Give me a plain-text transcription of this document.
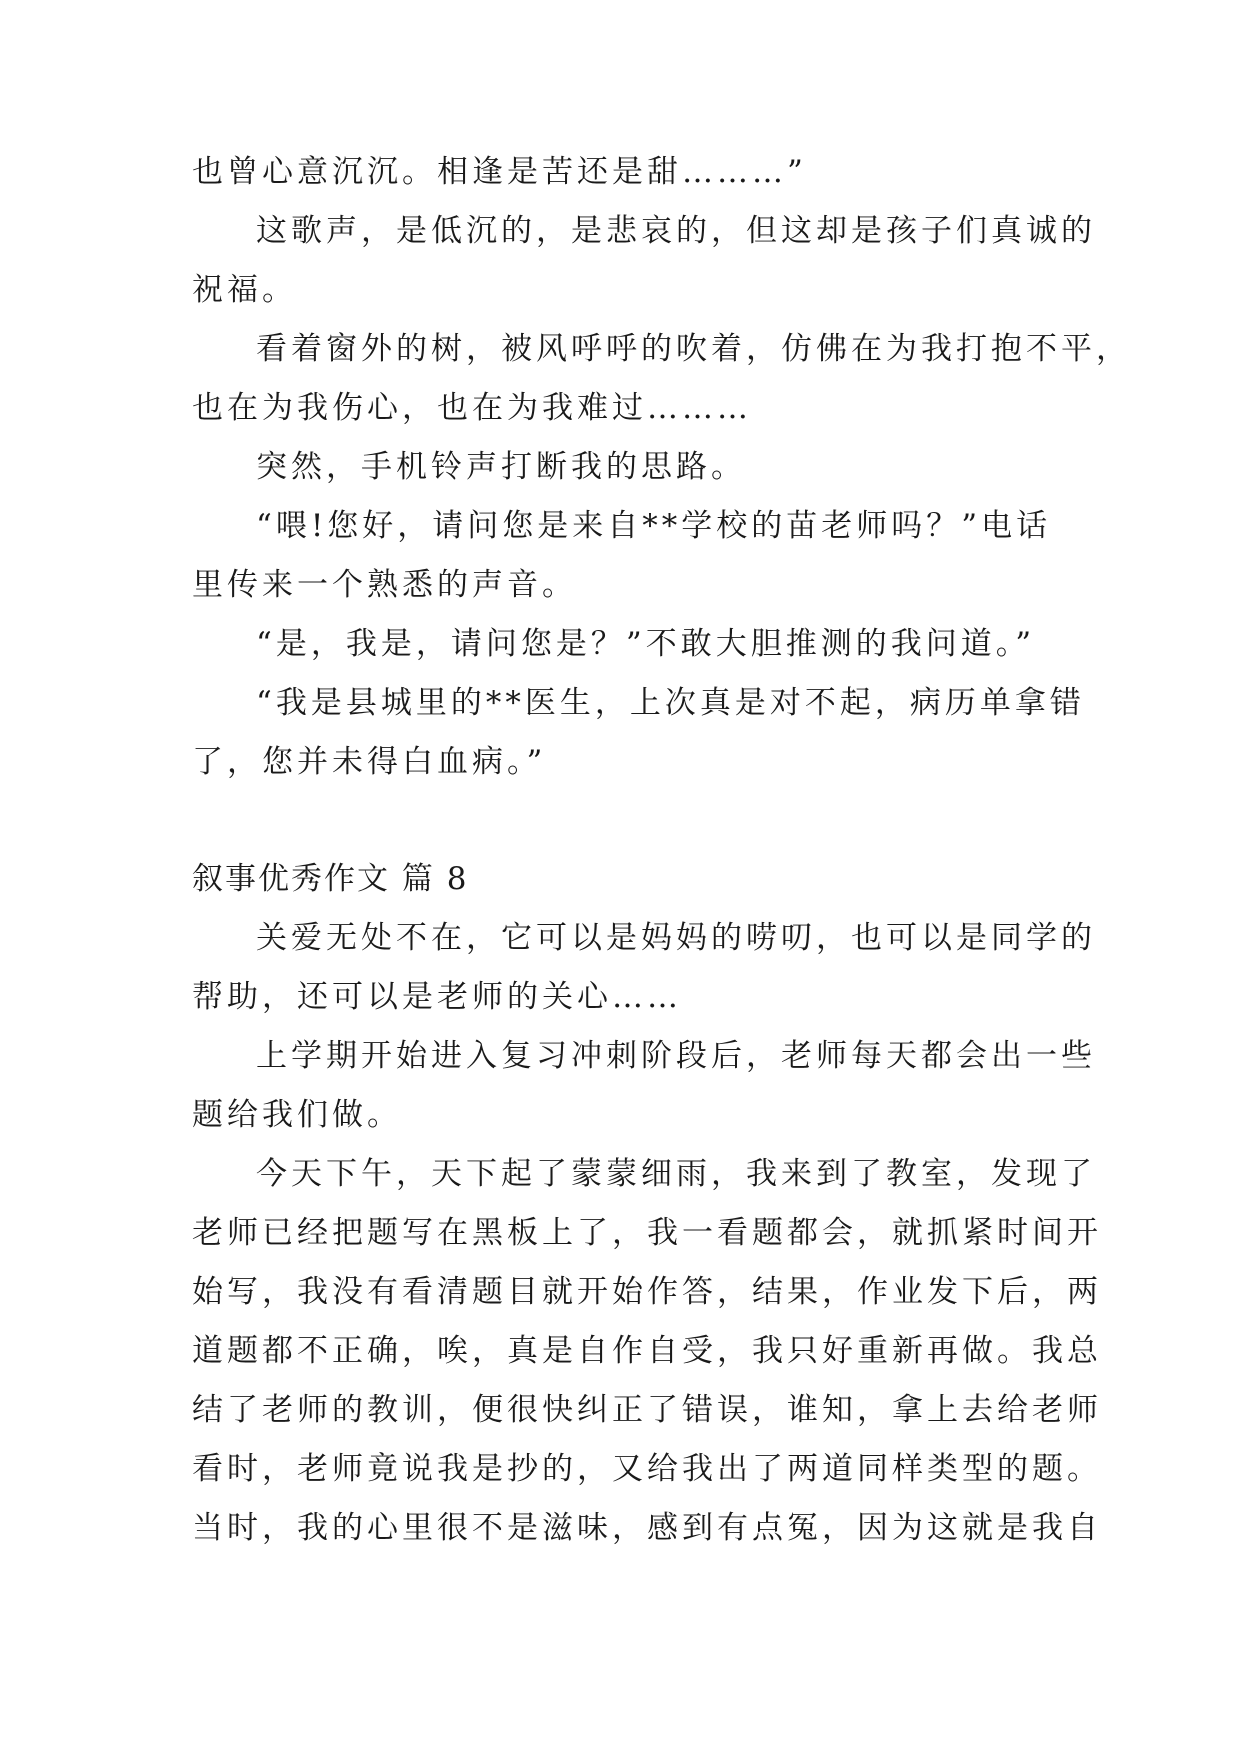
也曾心意沉沉。相逢是苦还是甜………”
这歌声，是低沉的，是悲哀的，但这却是孩子们真诚的
祝福。
看着窗外的树，被风呼呼的吹着，仿佛在为我打抱不平，
也在为我伤心，也在为我难过………
突然，手机铃声打断我的思路。
“喂!您好，请问您是来自**学校的苗老师吗？”电话
里传来一个熟悉的声音。
“是，我是，请问您是？”不敢大胆推测的我问道。”
“我是县城里的**医生，上次真是对不起，病历单拿错
了，您并未得白血病。”
叙事优秀作文 篇 8
关爱无处不在，它可以是妈妈的唠叨，也可以是同学的
帮助，还可以是老师的关心……
上学期开始进入复习冲刺阶段后，老师每天都会出一些
题给我们做。
今天下午，天下起了蒙蒙细雨，我来到了教室，发现了
老师已经把题写在黑板上了，我一看题都会，就抓紧时间开
始写，我没有看清题目就开始作答，结果，作业发下后，两
道题都不正确，唉，真是自作自受，我只好重新再做。我总
结了老师的教训，便很快纠正了错误，谁知，拿上去给老师
看时，老师竟说我是抄的，又给我出了两道同样类型的题。
当时，我的心里很不是滋味，感到有点冤，因为这就是我自
